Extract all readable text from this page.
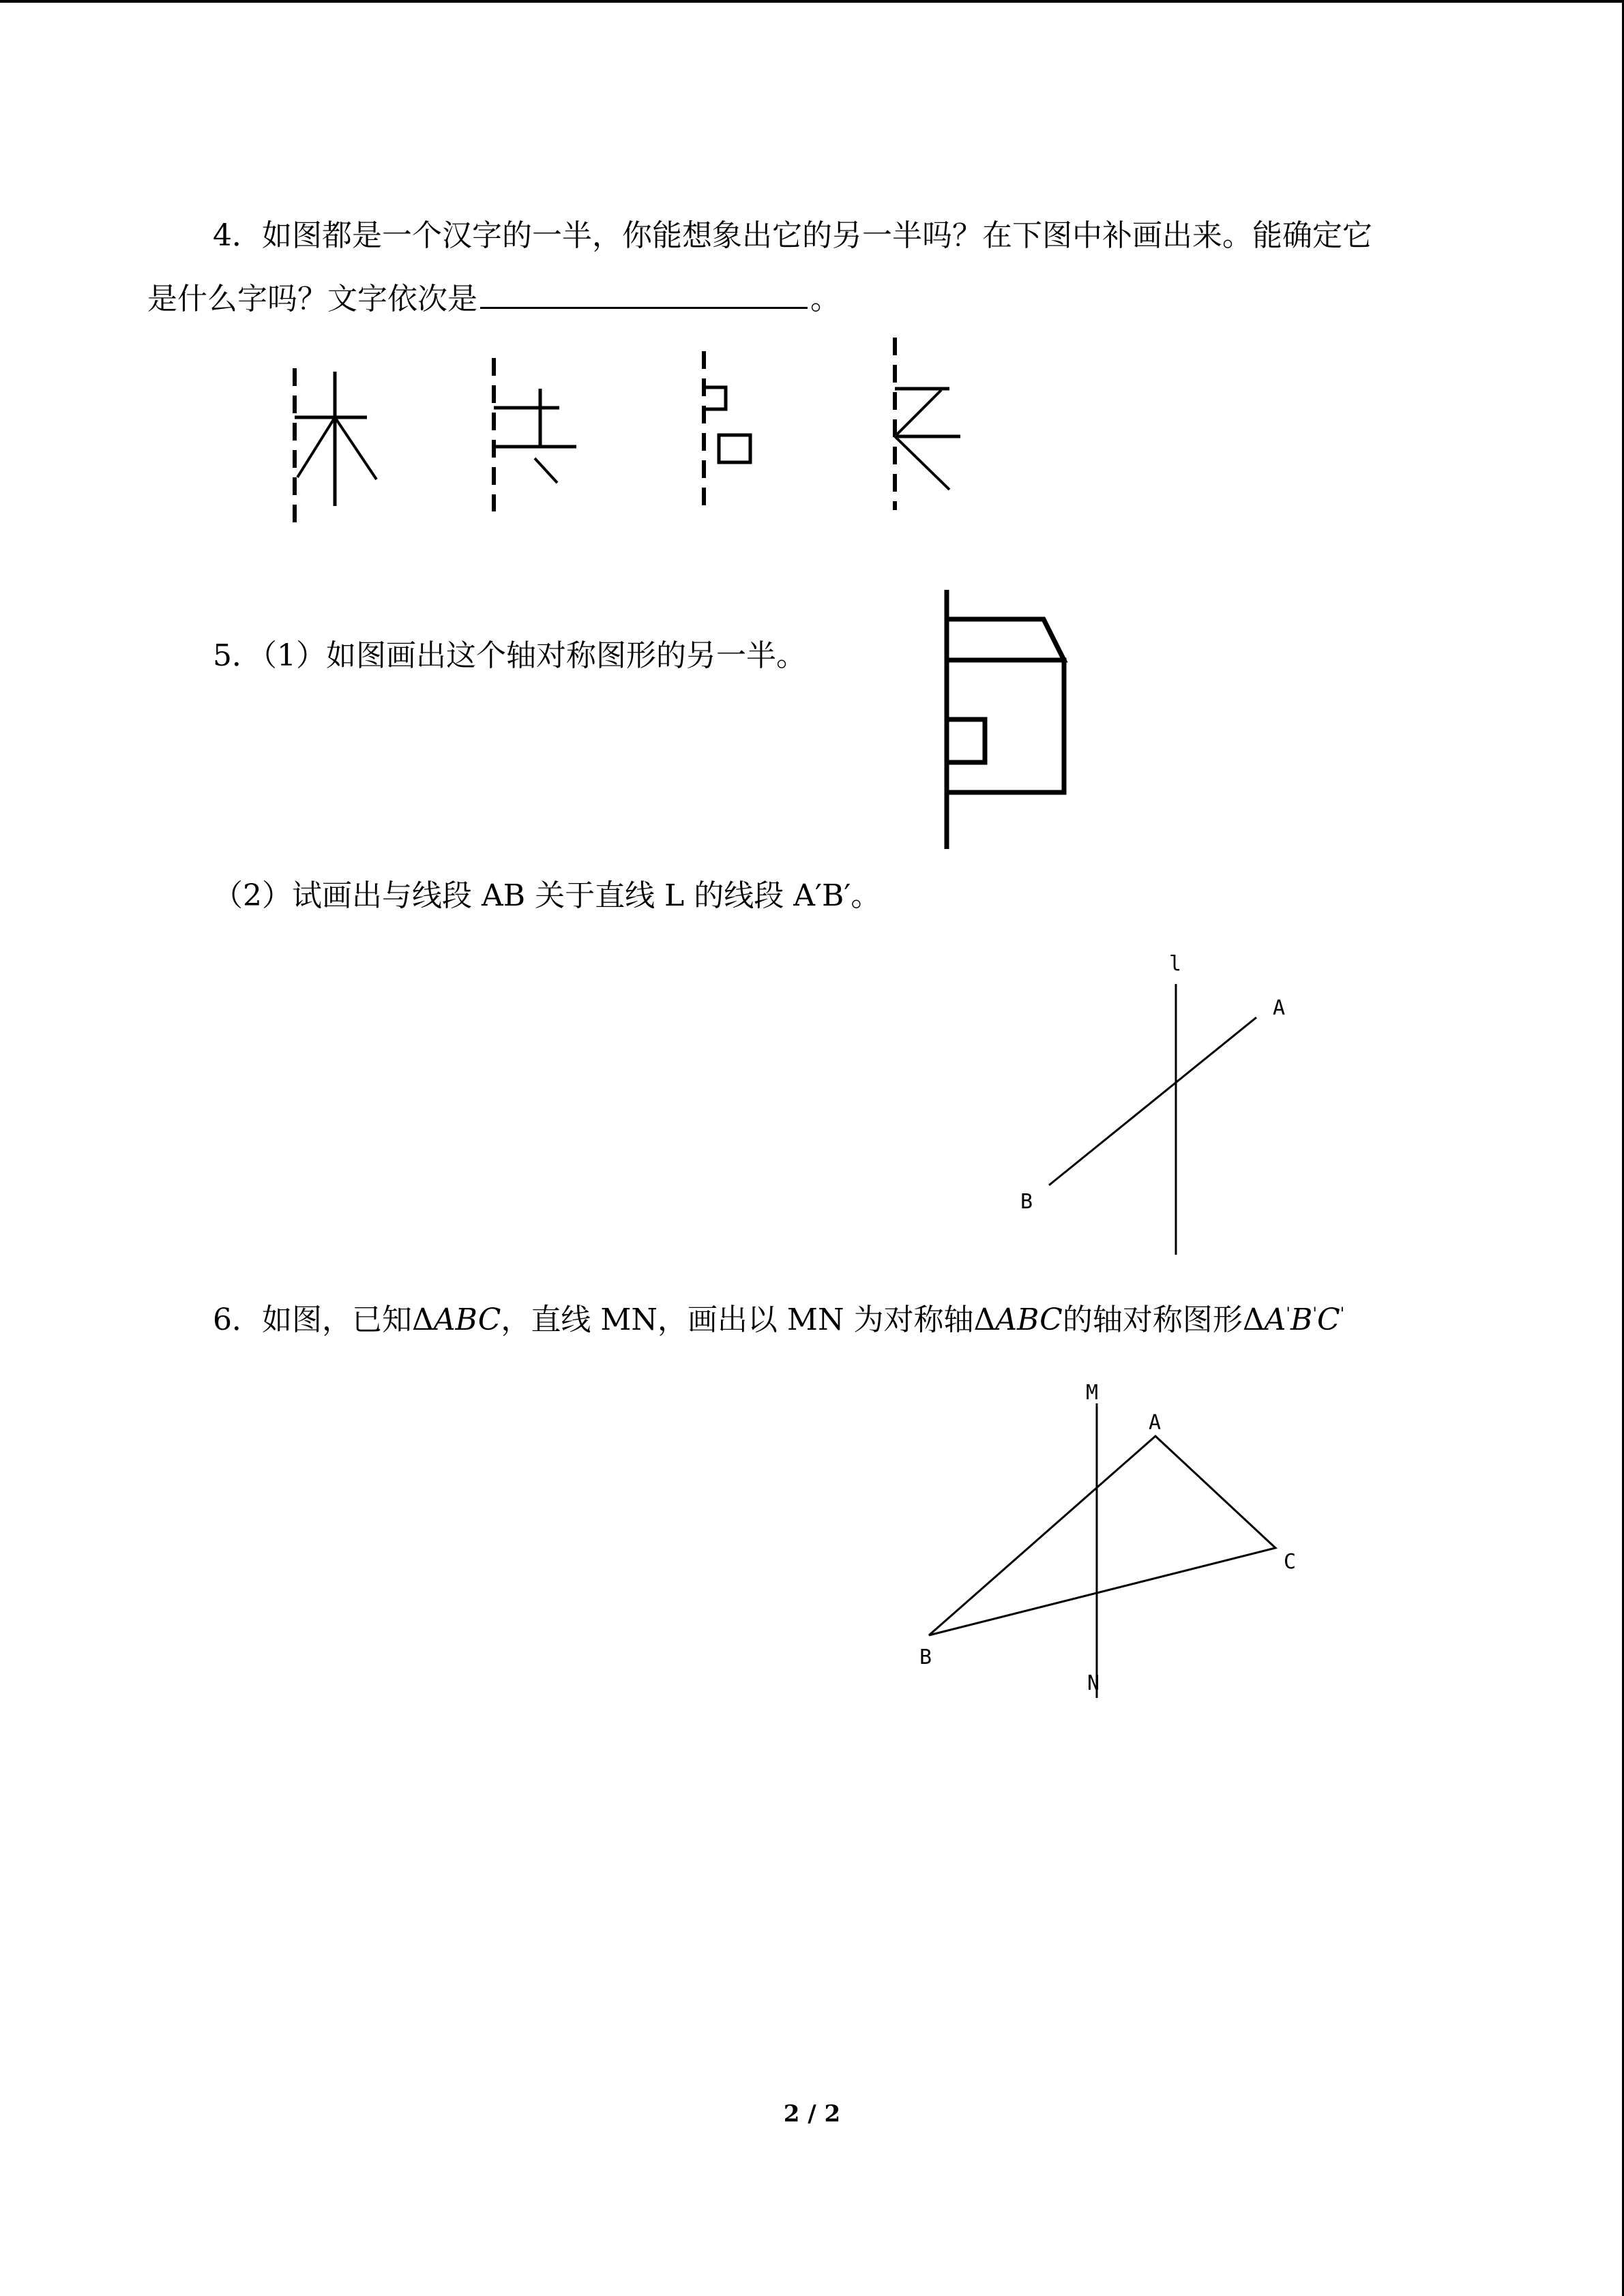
4．如图都是一个汉字的一半，你能想象出它的另一半吗？在下图中补画出来。能确定它
是什么字吗？文字依次是	。
5．（1）如图画出这个轴对称图形的另一半。
（2）试画出与线段 AB 关于直线 L 的线段 A′B′。
l
A
B
6．如图，已知ΔABC，直线 MN，画出以 MN 为对称轴ΔABC的轴对称图形ΔA'B'C'
M
N
A
C
B
2 / 2
